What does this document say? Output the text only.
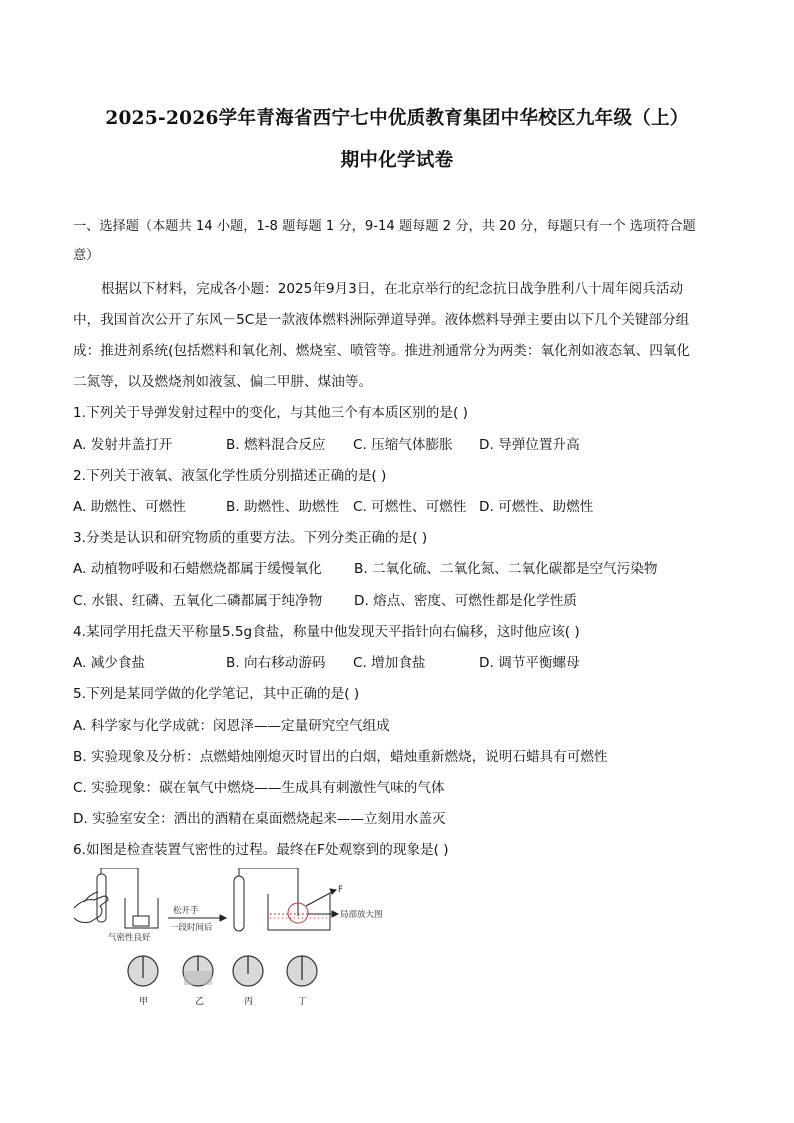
2025-2026学年青海省西宁七中优质教育集团中华校区九年级（上）
期中化学试卷
一、选择题（本题共 14 小题，1-8 题每题 1 分，9-14 题每题 2 分，共 20 分，每题只有一个 选项符合题
意）
根据以下材料，完成各小题：2025年9月3日，在北京举行的纪念抗日战争胜利八十周年阅兵活动
中，我国首次公开了东风－5C是一款液体燃料洲际弹道导弹。液体燃料导弹主要由以下几个关键部分组
成：推进剂系统(包括燃料和氧化剂、燃烧室、喷管等。推进剂通常分为两类：氧化剂如液态氧、四氧化
二氮等，以及燃烧剂如液氢、偏二甲肼、煤油等。
1.下列关于导弹发射过程中的变化，与其他三个有本质区别的是( )
A. 发射井盖打开	B. 燃料混合反应 C. 压缩气体膨胀 D. 导弹位置升高
2.下列关于液氧、液氢化学性质分别描述正确的是( )
A. 助燃性、可燃性	B. 助燃性、助燃性 C. 可燃性、可燃性 D. 可燃性、助燃性
3.分类是认识和研究物质的重要方法。下列分类正确的是( )
A. 动植物呼吸和石蜡燃烧都属于缓慢氧化 B. 二氧化硫、二氧化氮、二氧化碳都是空气污染物
C. 水银、红磷、五氧化二磷都属于纯净物 D. 熔点、密度、可燃性都是化学性质
4.某同学用托盘天平称量5.5g食盐，称量中他发现天平指针向右偏移，这时他应该( )
A. 减少食盐	B. 向右移动游码 C. 增加食盐	D. 调节平衡螺母
5.下列是某同学做的化学笔记，其中正确的是( )
A. 科学家与化学成就：闵恩泽——定量研究空气组成
B. 实验现象及分析：点燃蜡烛刚熄灭时冒出的白烟，蜡烛重新燃烧，说明石蜡具有可燃性
C. 实验现象：碳在氧气中燃烧——生成具有刺激性气味的气体
D. 实验室安全：洒出的酒精在桌面燃烧起来——立刻用水盖灭
6.如图是检查装置气密性的过程。最终在F处观察到的现象是( )
气密性良好
松开手
一段时间后
F
局部放大图
甲	乙	丙	丁
